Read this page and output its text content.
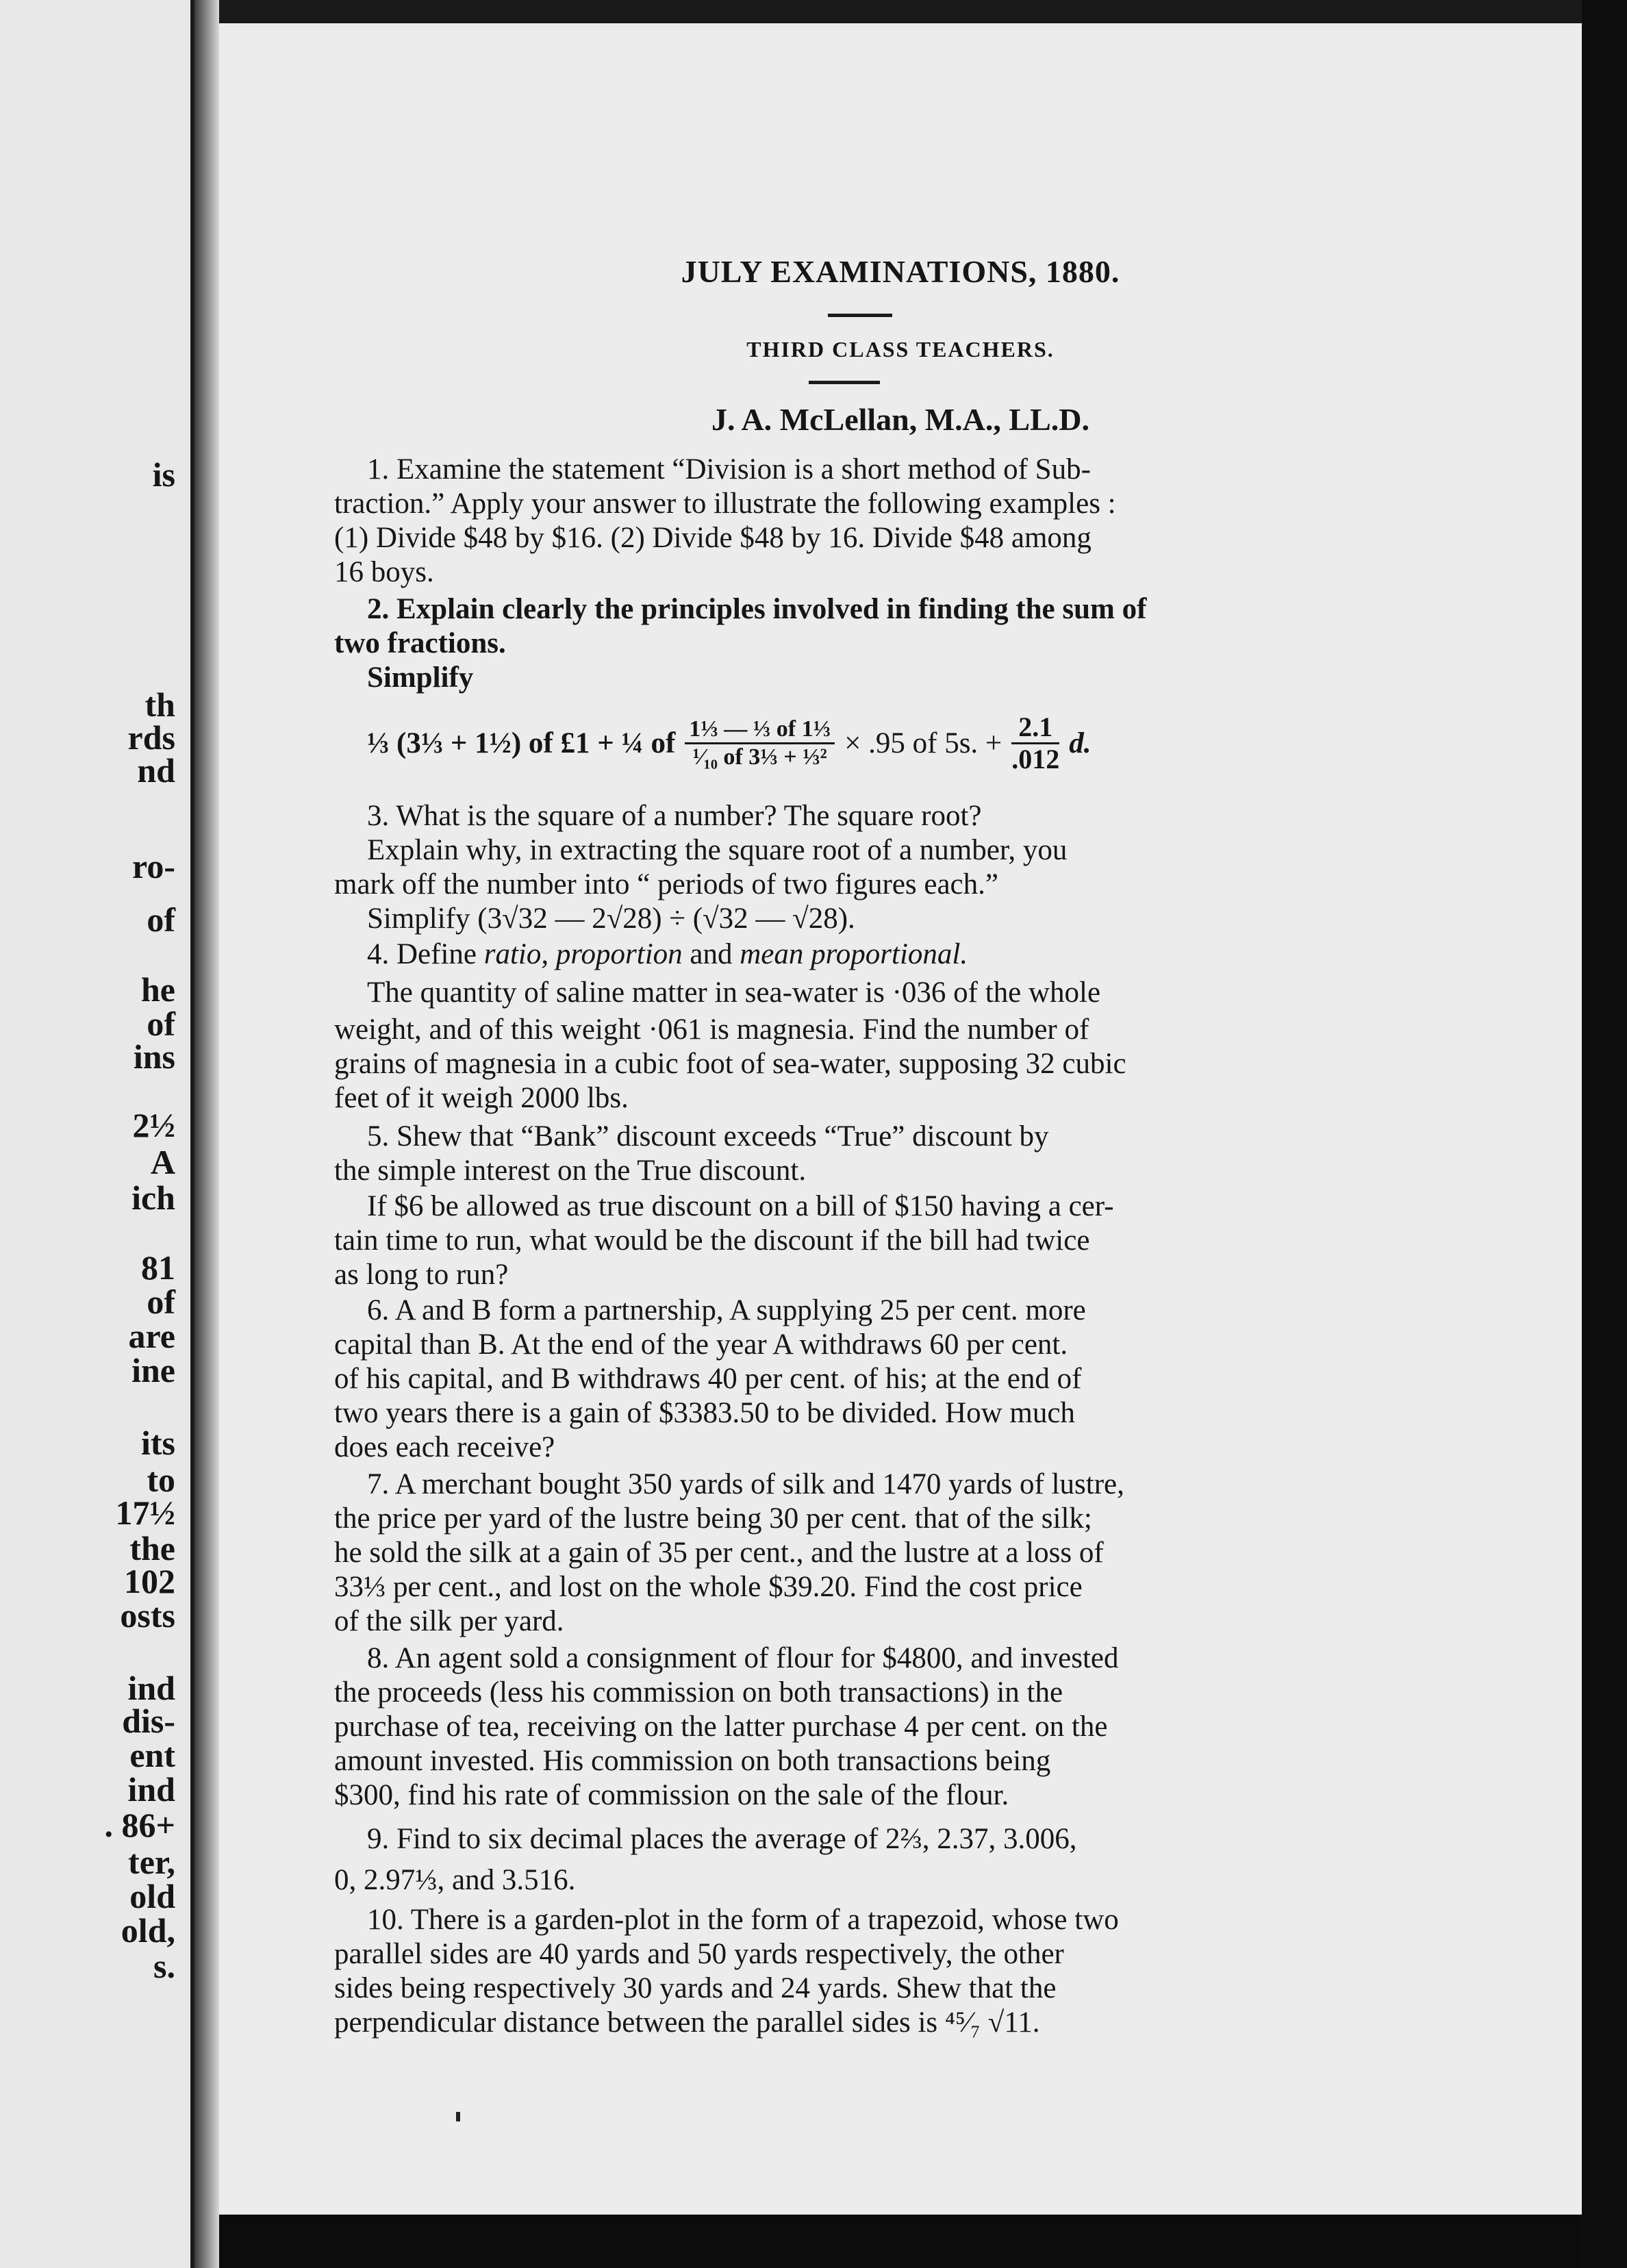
is
th
rds
nd
ro-
of
he
of
ins
2½
A
ich
81
of
are
ine
its
to
17½
the
102
osts
ind
dis-
ent
ind
. 86+
ter,
old
old,
s.
JULY EXAMINATIONS, 1880.
THIRD CLASS TEACHERS.
J. A. McLellan, M.A., LL.D.
1. Examine the statement “Division is a short method of Sub-
traction.” Apply your answer to illustrate the following examples :
(1) Divide $48 by $16. (2) Divide $48 by 16. Divide $48 among
16 boys.
2. Explain clearly the principles involved in finding the sum of
two fractions.
Simplify
⅓ (3⅓ + 1½) of £1 + ¼ of $\frac{\text{1⅓ — ⅓ of 1⅓}}{\text{¹⁄₁₀ of 3⅓ + ⅓²}} \times .95$ of 5s. + $\frac{2.1}{.012} d$.
3. What is the square of a number? The square root?
Explain why, in extracting the square root of a number, you
mark off the number into “ periods of two figures each.”
Simplify (3√32 — 2√28) ÷ (√32 — √28).
4. Define ratio, proportion and mean proportional.
The quantity of saline matter in sea-water is ·036 of the whole
weight, and of this weight ·061 is magnesia. Find the number of
grains of magnesia in a cubic foot of sea-water, supposing 32 cubic
feet of it weigh 2000 lbs.
5. Shew that “Bank” discount exceeds “True” discount by
the simple interest on the True discount.
If $6 be allowed as true discount on a bill of $150 having a cer-
tain time to run, what would be the discount if the bill had twice
as long to run?
6. A and B form a partnership, A supplying 25 per cent. more
capital than B. At the end of the year A withdraws 60 per cent.
of his capital, and B withdraws 40 per cent. of his; at the end of
two years there is a gain of $3383.50 to be divided. How much
does each receive?
7. A merchant bought 350 yards of silk and 1470 yards of lustre,
the price per yard of the lustre being 30 per cent. that of the silk;
he sold the silk at a gain of 35 per cent., and the lustre at a loss of
33⅓ per cent., and lost on the whole $39.20. Find the cost price
of the silk per yard.
8. An agent sold a consignment of flour for $4800, and invested
the proceeds (less his commission on both transactions) in the
purchase of tea, receiving on the latter purchase 4 per cent. on the
amount invested. His commission on both transactions being
$300, find his rate of commission on the sale of the flour.
9. Find to six decimal places the average of 2⅔, 2.37, 3.006,
0, 2.97⅓, and 3.516.
10. There is a garden-plot in the form of a trapezoid, whose two
parallel sides are 40 yards and 50 yards respectively, the other
sides being respectively 30 yards and 24 yards. Shew that the
perpendicular distance between the parallel sides is ⁴⁵⁄₇ √11.
